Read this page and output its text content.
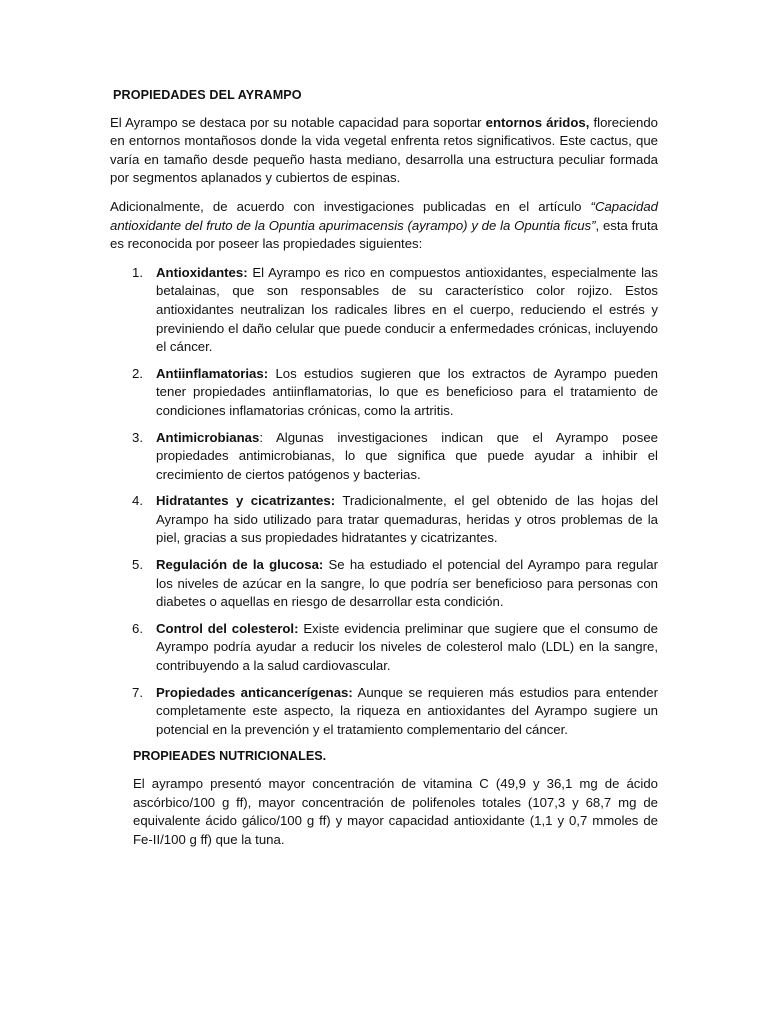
PROPIEDADES DEL AYRAMPO

El Ayrampo se destaca por su notable capacidad para soportar entornos áridos, floreciendo en entornos montañosos donde la vida vegetal enfrenta retos significativos. Este cactus, que varía en tamaño desde pequeño hasta mediano, desarrolla una estructura peculiar formada por segmentos aplanados y cubiertos de espinas.

Adicionalmente, de acuerdo con investigaciones publicadas en el artículo “Capacidad antioxidante del fruto de la Opuntia apurimacensis (ayrampo) y de la Opuntia ficus”, esta fruta es reconocida por poseer las propiedades siguientes:

1. Antioxidantes: El Ayrampo es rico en compuestos antioxidantes, especialmente las betalainas, que son responsables de su característico color rojizo. Estos antioxidantes neutralizan los radicales libres en el cuerpo, reduciendo el estrés y previniendo el daño celular que puede conducir a enfermedades crónicas, incluyendo el cáncer.
2. Antiinflamatorias: Los estudios sugieren que los extractos de Ayrampo pueden tener propiedades antiinflamatorias, lo que es beneficioso para el tratamiento de condiciones inflamatorias crónicas, como la artritis.
3. Antimicrobianas: Algunas investigaciones indican que el Ayrampo posee propiedades antimicrobianas, lo que significa que puede ayudar a inhibir el crecimiento de ciertos patógenos y bacterias.
4. Hidratantes y cicatrizantes: Tradicionalmente, el gel obtenido de las hojas del Ayrampo ha sido utilizado para tratar quemaduras, heridas y otros problemas de la piel, gracias a sus propiedades hidratantes y cicatrizantes.
5. Regulación de la glucosa: Se ha estudiado el potencial del Ayrampo para regular los niveles de azúcar en la sangre, lo que podría ser beneficioso para personas con diabetes o aquellas en riesgo de desarrollar esta condición.
6. Control del colesterol: Existe evidencia preliminar que sugiere que el consumo de Ayrampo podría ayudar a reducir los niveles de colesterol malo (LDL) en la sangre, contribuyendo a la salud cardiovascular.
7. Propiedades anticancerígenas: Aunque se requieren más estudios para entender completamente este aspecto, la riqueza en antioxidantes del Ayrampo sugiere un potencial en la prevención y el tratamiento complementario del cáncer.
PROPIEADES NUTRICIONALES.

El ayrampo presentó mayor concentración de vitamina C (49,9 y 36,1 mg de ácido ascórbico/100 g ff), mayor concentración de polifenoles totales (107,3 y 68,7 mg de equivalente ácido gálico/100 g ff) y mayor capacidad antioxidante (1,1 y 0,7 mmoles de Fe-II/100 g ff) que la tuna.
